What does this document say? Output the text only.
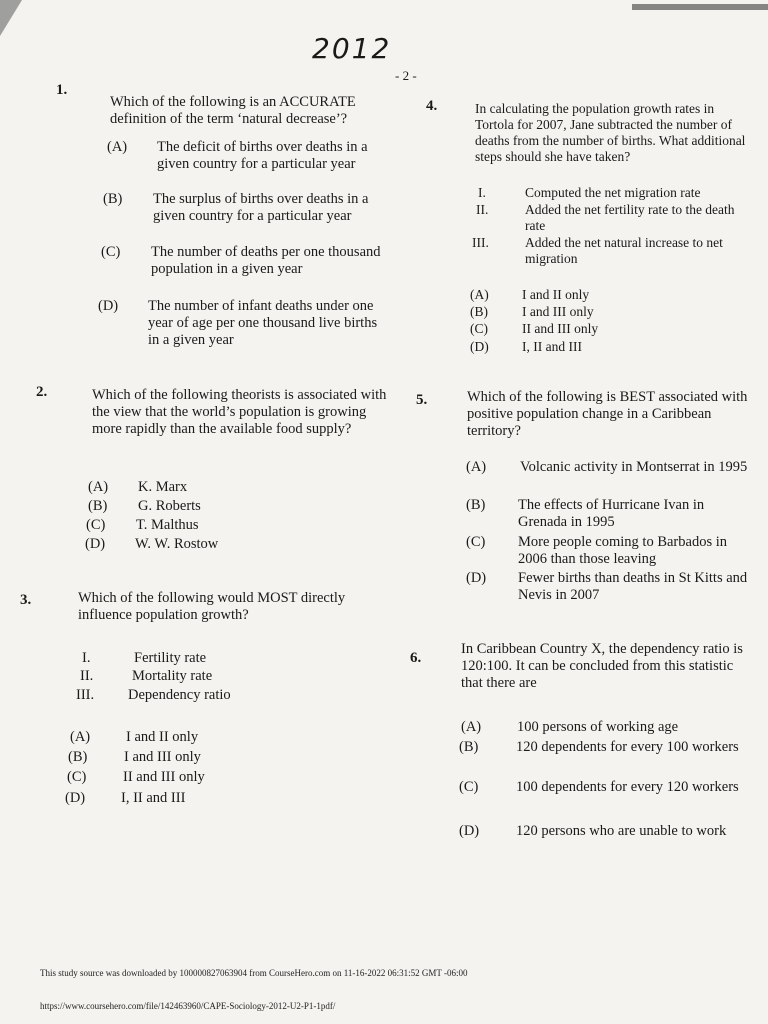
2012
- 2 -
1.
Which of the following is an ACCURATE definition of the term ‘natural decrease’?
(A)	The deficit of births over deaths in a given country for a particular year
(B)	The surplus of births over deaths in a given country for a particular year
(C)	The number of deaths per one thousand population in a given year
(D)	The number of infant deaths under one year of age per one thousand live births in a given year
2.	Which of the following theorists is associated with the view that the world’s population is growing more rapidly than the available food supply?
(A)	K. Marx
(B)	G. Roberts
(C)	T. Malthus
(D)	W. W. Rostow
3.	Which of the following would MOST directly influence population growth?
I.	Fertility rate
II.	Mortality rate
III.	Dependency ratio
(A)	I and II only
(B)	I and III only
(C)	II and III only
(D)	I, II and III
4.	In calculating the population growth rates in Tortola for 2007, Jane subtracted the number of deaths from the number of births. What additional steps should she have taken?
I.	Computed the net migration rate
II.	Added the net fertility rate to the death rate
III.	Added the net natural increase to net migration
(A)	I and II only
(B)	I and III only
(C)	II and III only
(D)	I, II and III
5.	Which of the following is BEST associated with positive population change in a Caribbean territory?
(A)	Volcanic activity in Montserrat in 1995
(B)	The effects of Hurricane Ivan in Grenada in 1995
(C)	More people coming to Barbados in 2006 than those leaving
(D)	Fewer births than deaths in St Kitts and Nevis in 2007
6.
In Caribbean Country X, the dependency ratio is 120:100. It can be concluded from this statistic that there are
(A)	100 persons of working age
(B)	120 dependents for every 100 workers
(C)	100 dependents for every 120 workers
(D)	120 persons who are unable to work
This study source was downloaded by 100000827063904 from CourseHero.com on 11-16-2022 06:31:52 GMT -06:00
https://www.coursehero.com/file/142463960/CAPE-Sociology-2012-U2-P1-1pdf/
